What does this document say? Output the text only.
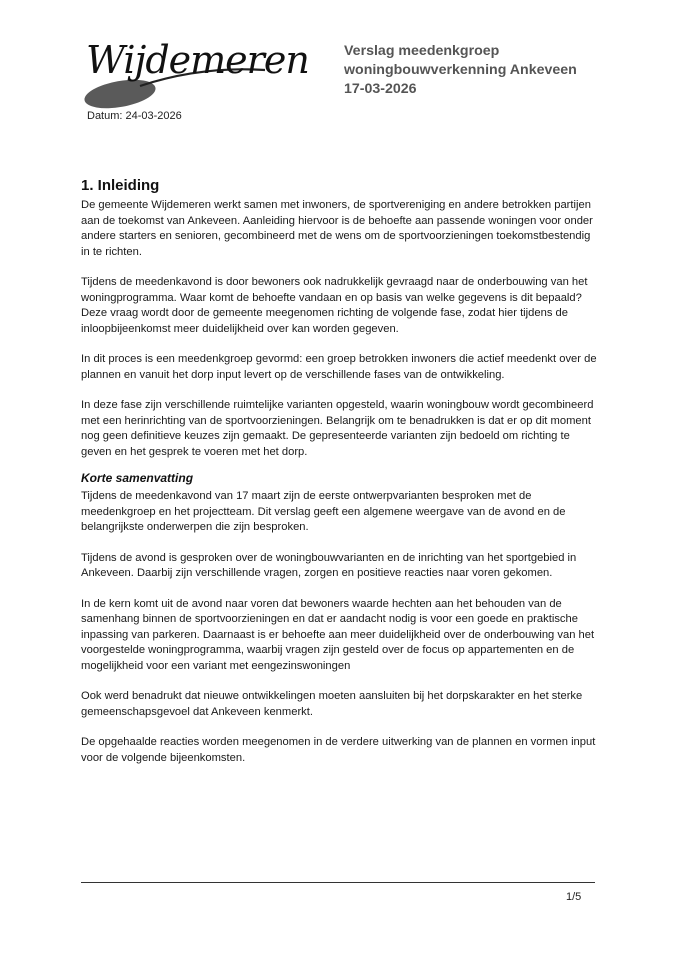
Wijdemeren
Datum: 24-03-2026
Verslag meedenkgroep
woningbouwverkenning Ankeveen
17-03-2026
1. Inleiding

De gemeente Wijdemeren werkt samen met inwoners, de sportvereniging en andere betrokken partijen aan de toekomst van Ankeveen. Aanleiding hiervoor is de behoefte aan passende woningen voor onder andere starters en senioren, gecombineerd met de wens om de sportvoorzieningen toekomstbestendig in te richten.

Tijdens de meedenkavond is door bewoners ook nadrukkelijk gevraagd naar de onderbouwing van het woningprogramma. Waar komt de behoefte vandaan en op basis van welke gegevens is dit bepaald? Deze vraag wordt door de gemeente meegenomen richting de volgende fase, zodat hier tijdens de inloopbijeenkomst meer duidelijkheid over kan worden gegeven.

In dit proces is een meedenkgroep gevormd: een groep betrokken inwoners die actief meedenkt over de plannen en vanuit het dorp input levert op de verschillende fases van de ontwikkeling.

In deze fase zijn verschillende ruimtelijke varianten opgesteld, waarin woningbouw wordt gecombineerd met een herinrichting van de sportvoorzieningen. Belangrijk om te benadrukken is dat er op dit moment nog geen definitieve keuzes zijn gemaakt. De gepresenteerde varianten zijn bedoeld om richting te geven en het gesprek te voeren met het dorp.

Korte samenvatting

Tijdens de meedenkavond van 17 maart zijn de eerste ontwerpvarianten besproken met de meedenkgroep en het projectteam. Dit verslag geeft een algemene weergave van de avond en de belangrijkste onderwerpen die zijn besproken.

Tijdens de avond is gesproken over de woningbouwvarianten en de inrichting van het sportgebied in Ankeveen. Daarbij zijn verschillende vragen, zorgen en positieve reacties naar voren gekomen.

In de kern komt uit de avond naar voren dat bewoners waarde hechten aan het behouden van de samenhang binnen de sportvoorzieningen en dat er aandacht nodig is voor een goede en praktische inpassing van parkeren. Daarnaast is er behoefte aan meer duidelijkheid over de onderbouwing van het voorgestelde woningprogramma, waarbij vragen zijn gesteld over de focus op appartementen en de mogelijkheid voor een variant met eengezinswoningen

Ook werd benadrukt dat nieuwe ontwikkelingen moeten aansluiten bij het dorpskarakter en het sterke gemeenschapsgevoel dat Ankeveen kenmerkt.

De opgehaalde reacties worden meegenomen in de verdere uitwerking van de plannen en vormen input voor de volgende bijeenkomsten.

1/5
